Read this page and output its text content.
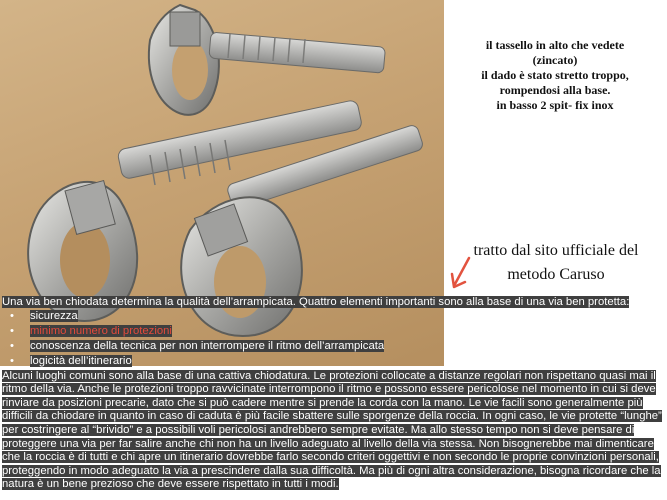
il tassello in alto che vedete
(zincato)
il dado è stato stretto troppo,
rompendosi alla base.
in basso 2 spit- fix inox
tratto dal sito ufficiale del
metodo Caruso

Una via ben chiodata determina la qualità dell’arrampicata. Quattro elementi importanti sono alla base di una via ben protetta:

• sicurezza
• minimo numero di protezioni
• conoscenza della tecnica per non interrompere il ritmo dell’arrampicata
• logicità dell’itinerario

Alcuni luoghi comuni sono alla base di una cattiva chiodatura. Le protezioni collocate a distanze regolari non rispettano quasi mai il ritmo della via. Anche le protezioni troppo ravvicinate interrompono il ritmo e possono essere pericolose nel momento in cui si deve rinviare da posizioni precarie, dato che si può cadere mentre si prende la corda con la mano. Le vie facili sono generalmente più difficili da chiodare in quanto in caso di caduta è più facile sbattere sulle sporgenze della roccia. In ogni caso, le vie protette “lunghe” per costringere al “brivido” e a possibili voli pericolosi andrebbero sempre evitate. Ma allo stesso tempo non si deve pensare di proteggere una via per far salire anche chi non ha un livello adeguato al livello della via stessa. Non bisognerebbe mai dimenticare che la roccia è di tutti e chi apre un itinerario dovrebbe farlo secondo criteri oggettivi e non secondo le proprie convinzioni personali, proteggendo in modo adeguato la via a prescindere dalla sua difficoltà. Ma più di ogni altra considerazione, bisogna ricordare che la natura è un bene prezioso che deve essere rispettato in tutti i modi.
